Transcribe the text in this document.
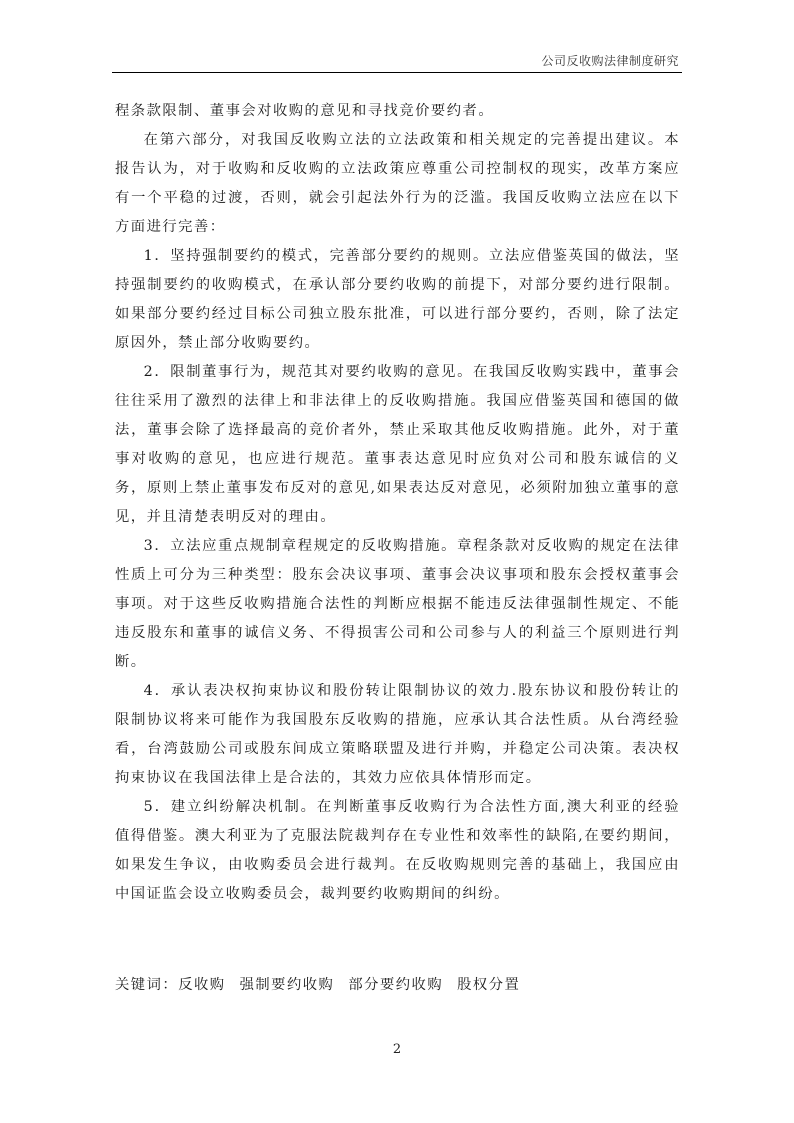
公司反收购法律制度研究

程条款限制、董事会对收购的意见和寻找竞价要约者。

在第六部分，对我国反收购立法的立法政策和相关规定的完善提出建议。本报告认为，对于收购和反收购的立法政策应尊重公司控制权的现实，改革方案应有一个平稳的过渡，否则，就会引起法外行为的泛滥。我国反收购立法应在以下方面进行完善：

1．坚持强制要约的模式，完善部分要约的规则。立法应借鉴英国的做法，坚持强制要约的收购模式，在承认部分要约收购的前提下，对部分要约进行限制。如果部分要约经过目标公司独立股东批准，可以进行部分要约，否则，除了法定原因外，禁止部分收购要约。

2．限制董事行为，规范其对要约收购的意见。在我国反收购实践中，董事会往往采用了激烈的法律上和非法律上的反收购措施。我国应借鉴英国和德国的做法，董事会除了选择最高的竞价者外，禁止采取其他反收购措施。此外，对于董事对收购的意见，也应进行规范。董事表达意见时应负对公司和股东诚信的义务，原则上禁止董事发布反对的意见,如果表达反对意见，必须附加独立董事的意见，并且清楚表明反对的理由。

3．立法应重点规制章程规定的反收购措施。章程条款对反收购的规定在法律性质上可分为三种类型：股东会决议事项、董事会决议事项和股东会授权董事会事项。对于这些反收购措施合法性的判断应根据不能违反法律强制性规定、不能违反股东和董事的诚信义务、不得损害公司和公司参与人的利益三个原则进行判断。

4．承认表决权拘束协议和股份转让限制协议的效力.股东协议和股份转让的限制协议将来可能作为我国股东反收购的措施，应承认其合法性质。从台湾经验看，台湾鼓励公司或股东间成立策略联盟及进行并购，并稳定公司决策。表决权拘束协议在我国法律上是合法的，其效力应依具体情形而定。

5．建立纠纷解决机制。在判断董事反收购行为合法性方面,澳大利亚的经验值得借鉴。澳大利亚为了克服法院裁判存在专业性和效率性的缺陷,在要约期间，如果发生争议，由收购委员会进行裁判。在反收购规则完善的基础上，我国应由中国证监会设立收购委员会，裁判要约收购期间的纠纷。

关键词：反收购 强制要约收购 部分要约收购 股权分置
2
